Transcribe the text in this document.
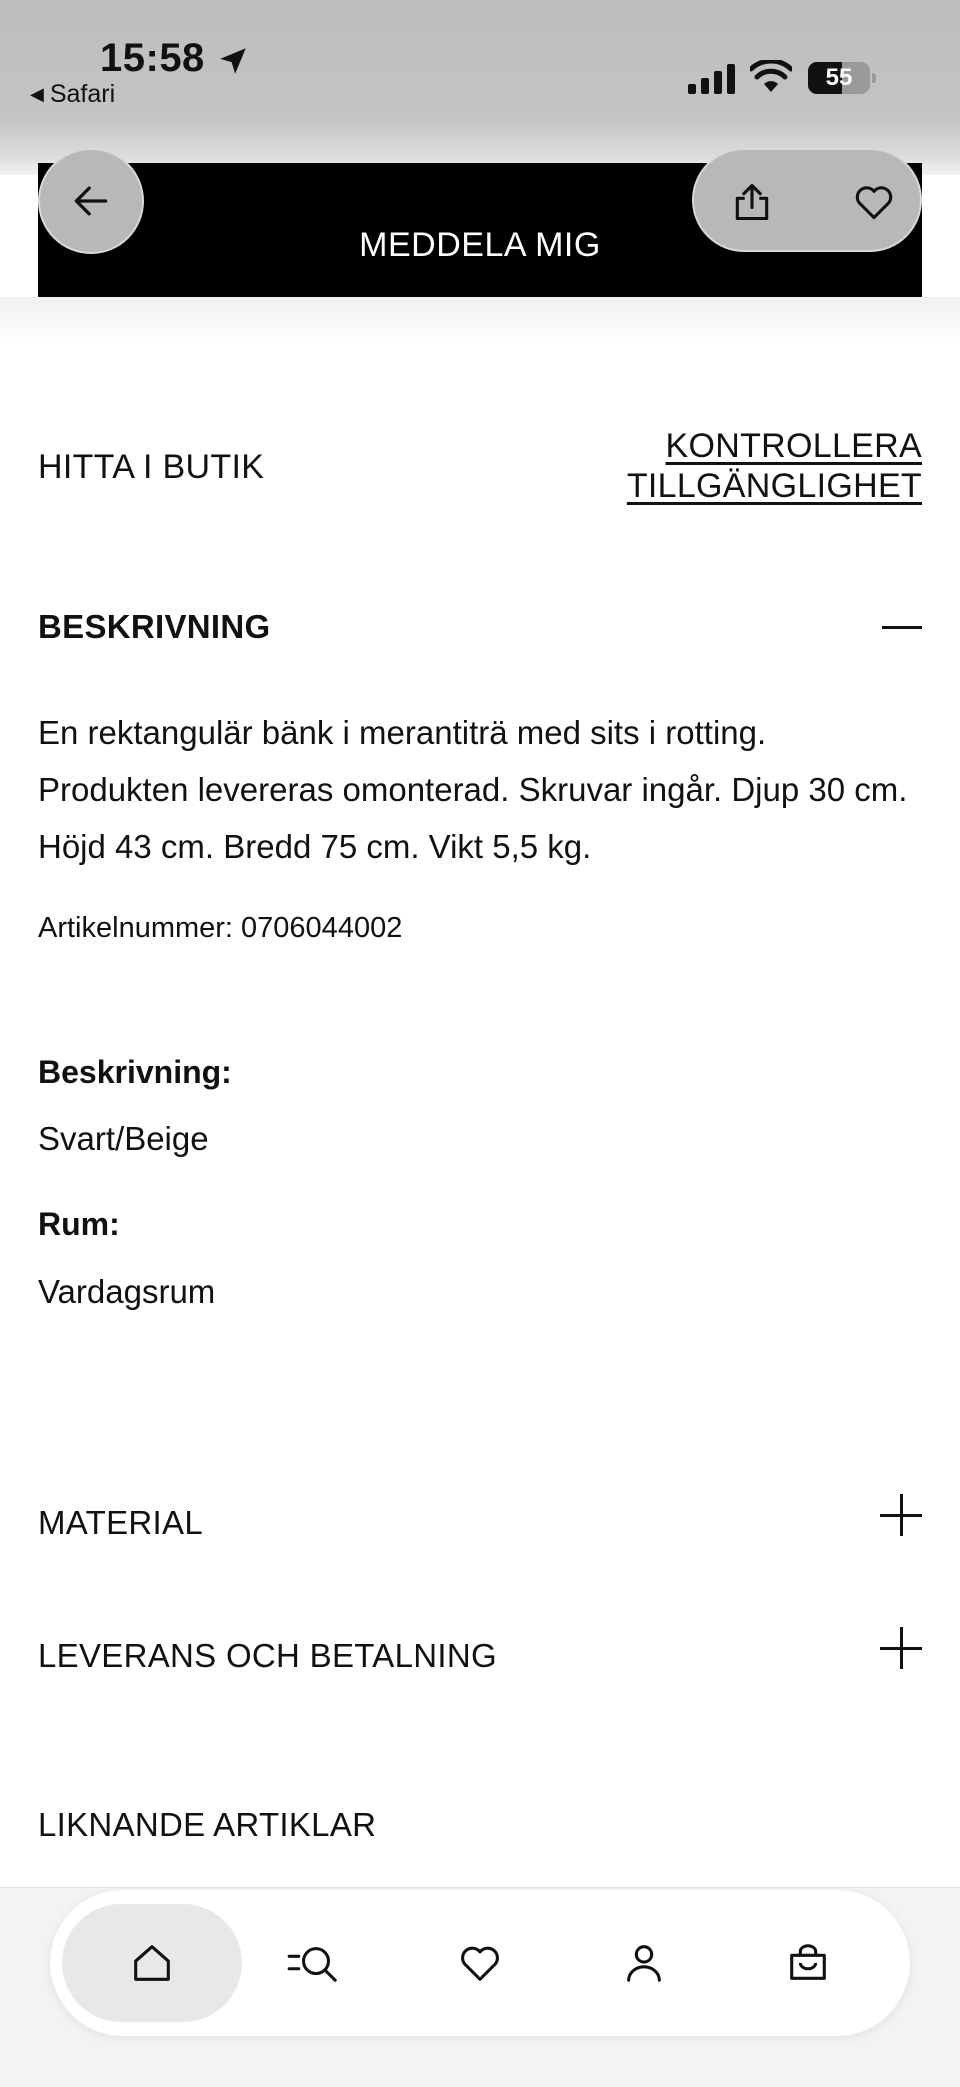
15:58
◀ Safari
55
MEDDELA MIG
HITTA I BUTIK
KONTROLLERA
TILLGÄNGLIGHET
BESKRIVNING
En rektangulär bänk i merantiträ med sits i rotting. Produkten levereras omonterad. Skruvar ingår. Djup 30 cm. Höjd 43 cm. Bredd 75 cm. Vikt 5,5 kg.
Artikelnummer: 0706044002
Beskrivning:
Svart/Beige
Rum:
Vardagsrum
MATERIAL
LEVERANS OCH BETALNING
LIKNANDE ARTIKLAR
